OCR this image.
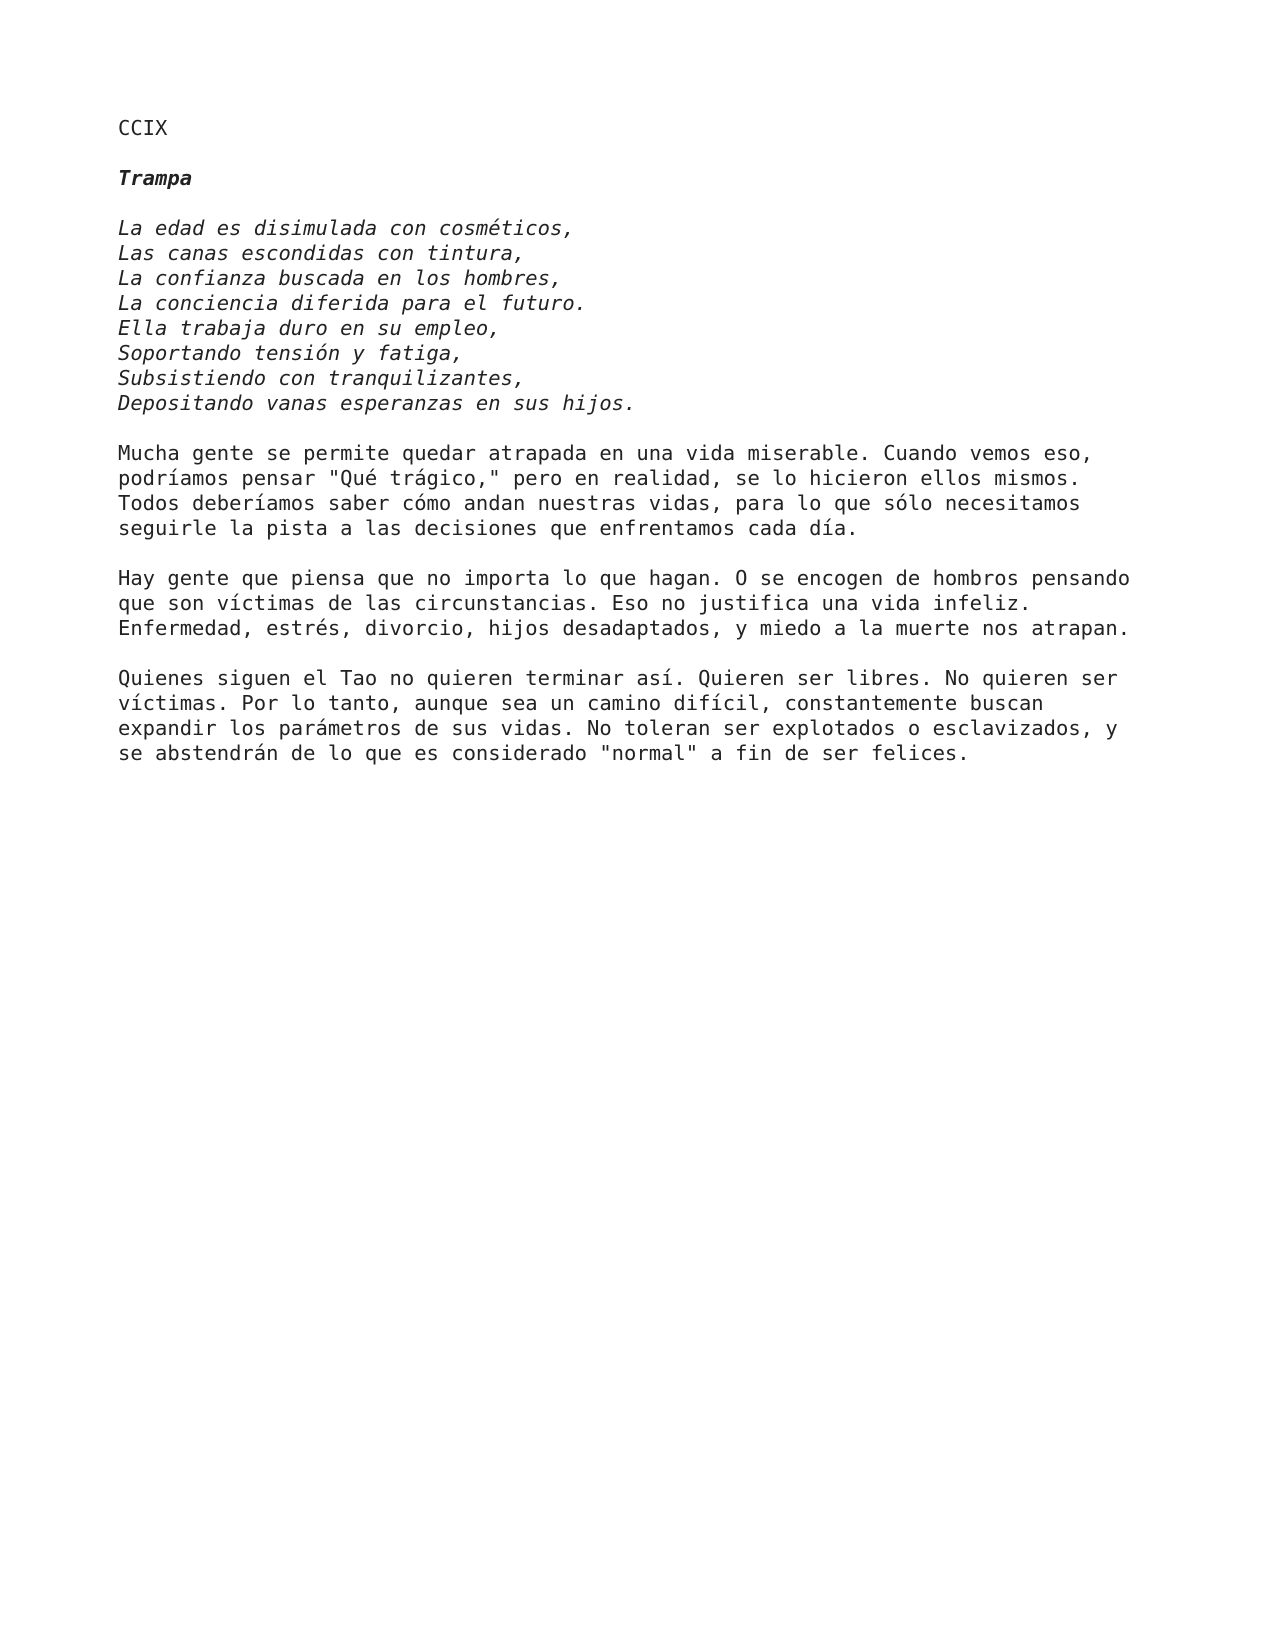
CCIX
Trampa
La edad es disimulada con cosméticos,
Las canas escondidas con tintura,
La confianza buscada en los hombres,
La conciencia diferida para el futuro.
Ella trabaja duro en su empleo,
Soportando tensión y fatiga,
Subsistiendo con tranquilizantes,
Depositando vanas esperanzas en sus hijos.
Mucha gente se permite quedar atrapada en una vida miserable. Cuando vemos eso,
podríamos pensar "Qué trágico," pero en realidad, se lo hicieron ellos mismos.
Todos deberíamos saber cómo andan nuestras vidas, para lo que sólo necesitamos
seguirle la pista a las decisiones que enfrentamos cada día.
Hay gente que piensa que no importa lo que hagan. O se encogen de hombros pensando
que son víctimas de las circunstancias. Eso no justifica una vida infeliz.
Enfermedad, estrés, divorcio, hijos desadaptados, y miedo a la muerte nos atrapan.
Quienes siguen el Tao no quieren terminar así. Quieren ser libres. No quieren ser
víctimas. Por lo tanto, aunque sea un camino difícil, constantemente buscan
expandir los parámetros de sus vidas. No toleran ser explotados o esclavizados, y
se abstendrán de lo que es considerado "normal" a fin de ser felices.
